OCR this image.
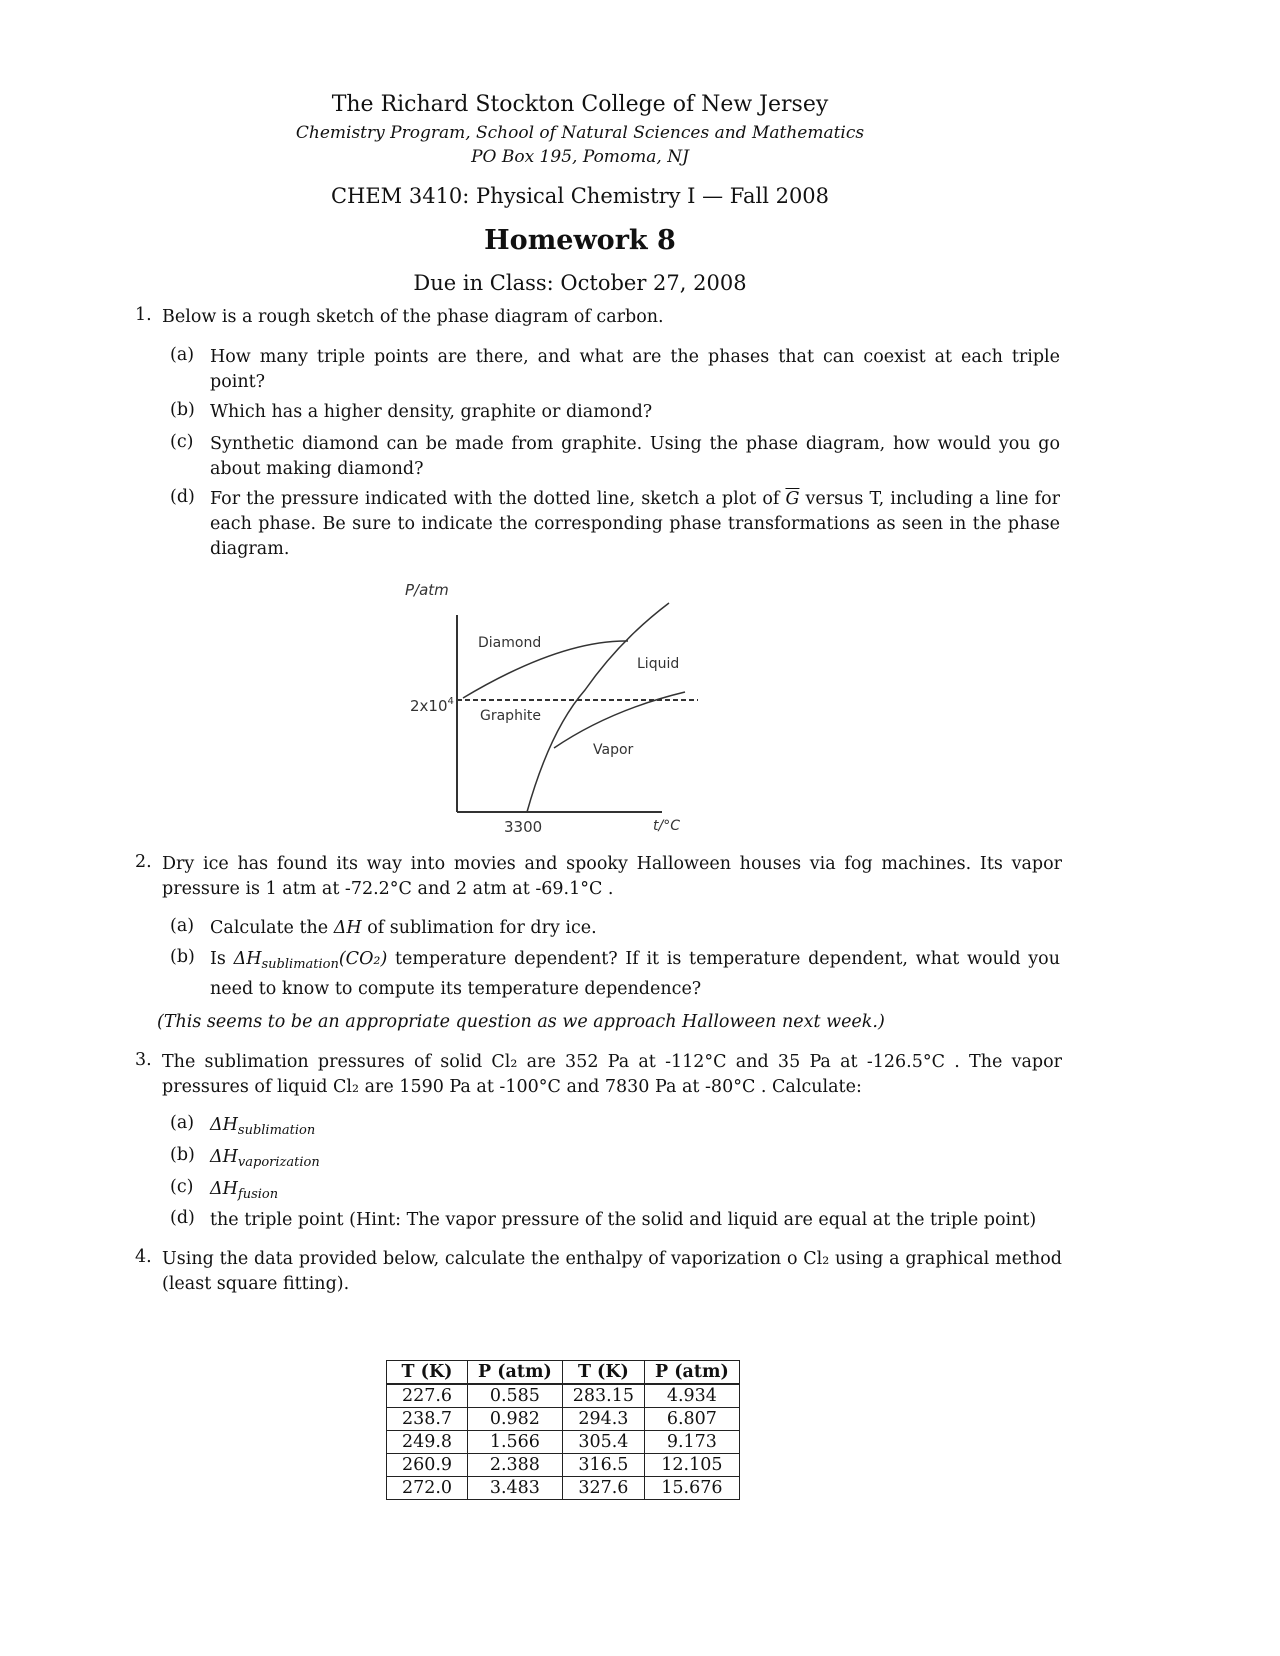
The Richard Stockton College of New Jersey
Chemistry Program, School of Natural Sciences and Mathematics
PO Box 195, Pomoma, NJ
CHEM 3410: Physical Chemistry I — Fall 2008
Homework 8
Due in Class: October 27, 2008
1. Below is a rough sketch of the phase diagram of carbon.
(a) How many triple points are there, and what are the phases that can coexist at each triple point?
(b) Which has a higher density, graphite or diamond?
(c) Synthetic diamond can be made from graphite. Using the phase diagram, how would you go about making diamond?
(d) For the pressure indicated with the dotted line, sketch a plot of $\overline{G}$ versus T, including a line for each phase. Be sure to indicate the corresponding phase transformations as seen in the phase diagram.
P/atm
Diamond
Graphite
Liquid
Vapor
$2x10^4$
3300	t/°C
2. Dry ice has found its way into movies and spooky Halloween houses via fog machines. Its vapor pressure is 1 atm at -72.2°C and 2 atm at -69.1°C .
(a) Calculate the ΔH of sublimation for dry ice.
(b) Is $\Delta H_{sublimation}(CO_2)$ temperature dependent? If it is temperature dependent, what would you need to know to compute its temperature dependence?
(This seems to be an appropriate question as we approach Halloween next week.)
3. The sublimation pressures of solid Cl₂ are 352 Pa at -112°C and 35 Pa at -126.5°C . The vapor pressures of liquid Cl₂ are 1590 Pa at -100°C and 7830 Pa at -80°C . Calculate:
(a) $\Delta H_{sublimation}$
(b) $\Delta H_{vaporization}$
(c) $\Delta H_{fusion}$
(d) the triple point (Hint: The vapor pressure of the solid and liquid are equal at the triple point)
4. Using the data provided below, calculate the enthalpy of vaporization o Cl₂ using a graphical method (least square fitting).
T (K)	P (atm)	T (K)	P (atm)
227.6	0.585	283.15	4.934
238.7	0.982	294.3	6.807
249.8	1.566	305.4	9.173
260.9	2.388	316.5	12.105
272.0	3.483	327.6	15.676
